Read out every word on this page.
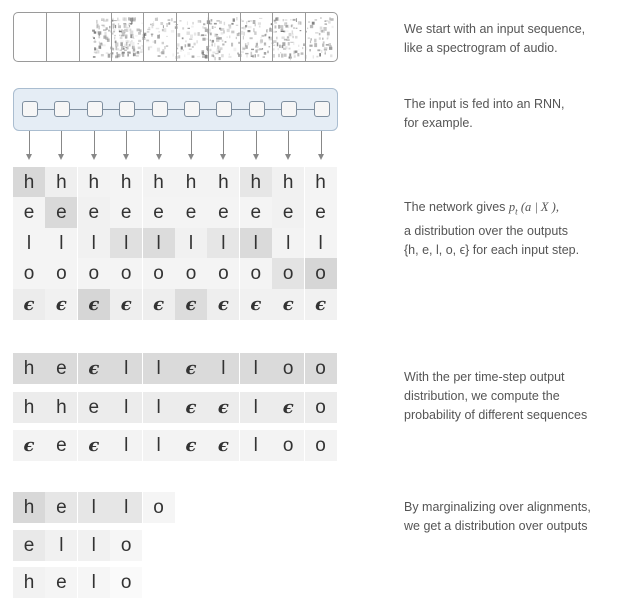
We start with an input sequence,
like a spectrogram of audio.
The input is fed into an RNN,
for example.
h	h	h	h	h	h	h	h	h	h
e	e	e	e	e	e	e	e	e	e
l	l	l	l	l	l	l	l	l	l
o	o	o	o	o	o	o	o	o	o
ϵ	ϵ	ϵ	ϵ	ϵ	ϵ	ϵ	ϵ	ϵ	ϵ
The network gives $p_t$ (a | X ),
a distribution over the outputs
{h, e, l, o, ϵ} for each input step.
h	e	ϵ	l	l	ϵ	l	l	o	o
h	h	e	l	l	ϵ	ϵ	l	ϵ	o
ϵ	e	ϵ	l	l	ϵ	ϵ	l	o	o
With the per time-step output
distribution, we compute the
probability of different sequences
h	e	l	l	o
e	l	l	o
h	e	l	o
By marginalizing over alignments,
we get a distribution over outputs
